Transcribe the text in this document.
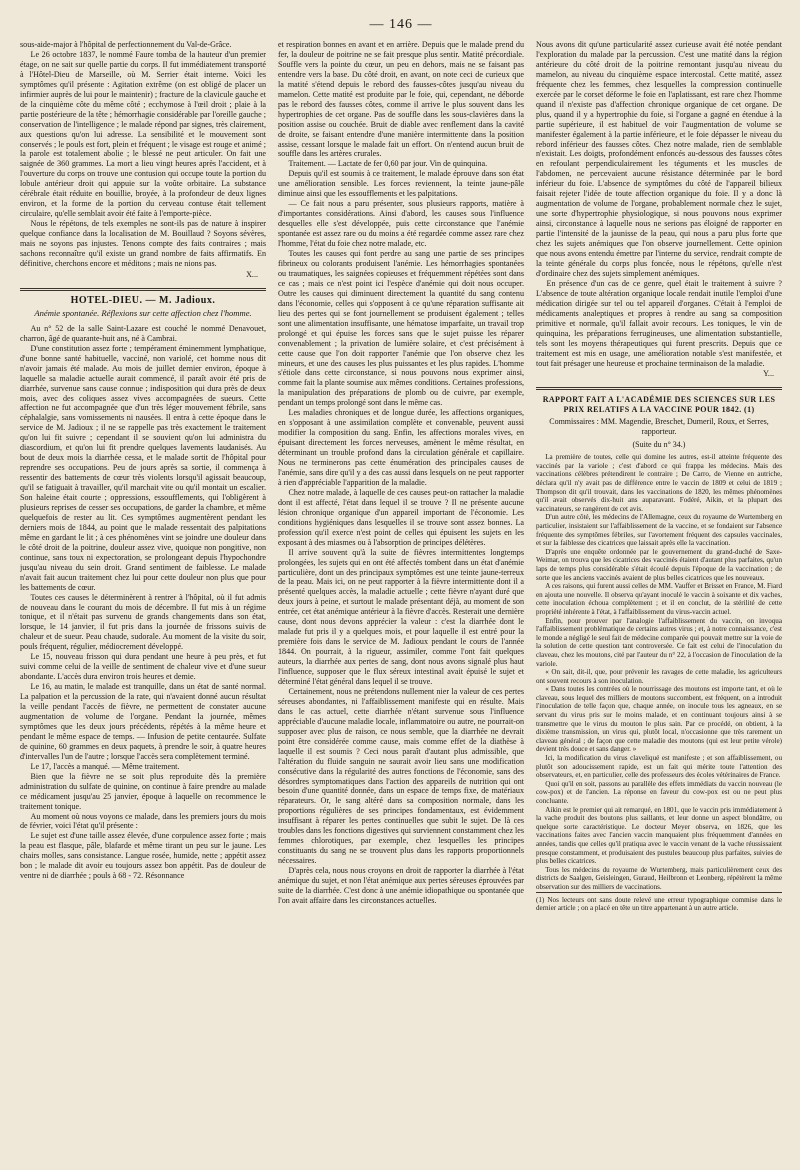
— 146 —

sous-aide-major à l'hôpital de perfectionnement du Val-de-Grâce.

Le 26 octobre 1837, le nommé Faure tomba de la hauteur d'un premier étage, on ne sait sur quelle partie du corps. Il fut immédiatement transporté à l'Hôtel-Dieu de Marseille, où M. Serrier était interne. Voici les symptômes qu'il présente : Agitation extrême (on est obligé de placer un infirmier auprès de lui pour le maintenir) ; fracture de la clavicule gauche et de la cinquième côte du même côté ; ecchymose à l'œil droit ; plaie à la partie postérieure de la tête ; hémorrhagie considérable par l'oreille gauche ; conservation de l'intelligence ; le malade répond par signes, très clairement, aux questions qu'on lui adresse. La sensibilité et le mouvement sont conservés ; le pouls est fort, plein et fréquent ; le visage est rouge et animé ; la parole est totalement abolie ; le blessé ne peut articuler. On fait une saignée de 360 grammes. La mort a lieu vingt heures après l'accident, et à l'ouverture du corps on trouve une contusion qui occupe toute la portion du lobule antérieur droit qui appuie sur la voûte orbitaire. La substance cérébrale était réduite en bouillie, broyée, à la profondeur de deux lignes environ, et la forme de la portion du cerveau contuse était tellement circulaire, qu'elle semblait avoir été faite à l'emporte-pièce.

Nous le répétons, de tels exemples ne sont-ils pas de nature à inspirer quelque confiance dans la localisation de M. Bouillaud ? Soyons sévères, mais ne soyons pas injustes. Tenons compte des faits contraires ; mais sachons reconnaître qu'il existe un grand nombre de faits affirmatifs. En définitive, cherchons encore et méditons ; mais ne nions pas.

X...
HOTEL-DIEU. — M. Jadioux.
Anémie spontanée. Réflexions sur cette affection chez l'homme.

Au n° 52 de la salle Saint-Lazare est couché le nommé Denavouet, charron, âgé de quarante-huit ans, né à Cambrai.

D'une constitution assez forte ; tempérament éminemment lymphatique, d'une bonne santé habituelle, vacciné, non variolé, cet homme nous dit n'avoir jamais été malade. Au mois de juillet dernier environ, époque à laquelle sa maladie actuelle aurait commencé, il paraît avoir été pris de diarrhée, survenue sans cause connue ; indisposition qui dura près de deux mois, avec des coliques assez vives accompagnées de sueurs. Cette affection ne fut accompagnée que d'un très léger mouvement fébrile, sans céphalalgie, sans vomissements ni nausées. Il entra à cette époque dans le service de M. Jadioux ; il ne se rappelle pas très exactement le traitement qu'on lui fit suivre ; cependant il se souvient qu'on lui administra du diascordium, et qu'on lui fit prendre quelques lavements laudanisés. Au bout de deux mois la diarrhée cessa, et le malade sortit de l'hôpital pour reprendre ses occupations. Peu de jours après sa sortie, il commença à ressentir des battements de cœur très violents lorsqu'il agissait beaucoup, qu'il se fatiguait à travailler, qu'il marchait vite ou qu'il montait un escalier. Son haleine était courte ; oppressions, essoufflements, qui l'obligèrent à plusieurs reprises de cesser ses occupations, de garder la chambre, et même quelquefois de rester au lit. Ces symptômes augmentèrent pendant les derniers mois de 1844, au point que le malade ressentait des palpitations même en gardant le lit ; à ces phénomènes vint se joindre une douleur dans le côté droit de la poitrine, douleur assez vive, quoique non pongitive, non continue, sans toux ni expectoration, se prolongeant depuis l'hypochondre jusqu'au niveau du sein droit. Grand sentiment de faiblesse. Le malade n'avait fait aucun traitement chez lui pour cette douleur non plus que pour les battements de cœur.

Toutes ces causes le déterminèrent à rentrer à l'hôpital, où il fut admis de nouveau dans le courant du mois de décembre. Il fut mis à un régime tonique, et il n'était pas survenu de grands changements dans son état, lorsque, le 14 janvier, il fut pris dans la journée de frissons suivis de chaleur et de sueur. Peau chaude, sudorale. Au moment de la visite du soir, pouls fréquent, régulier, médiocrement développé.

Le 15, nouveau frisson qui dura pendant une heure à peu près, et fut suivi comme celui de la veille de sentiment de chaleur vive et d'une sueur abondante. L'accès dura environ trois heures et demie.

Le 16, au matin, le malade est tranquille, dans un état de santé normal. La palpation et la percussion de la rate, qui n'avaient donné aucun résultat la veille pendant l'accès de fièvre, ne permettent de constater aucune augmentation de volume de l'organe. Pendant la journée, mêmes symptômes que les deux jours précédents, répétés à la même heure et pendant le même espace de temps. — Infusion de petite centaurée. Sulfate de quinine, 60 grammes en deux paquets, à prendre le soir, à quatre heures d'intervalles l'un de l'autre ; lorsque l'accès sera complètement terminé.

Le 17, l'accès a manqué. — Même traitement.

Bien que la fièvre ne se soit plus reproduite dès la première administration du sulfate de quinine, on continue à faire prendre au malade ce médicament jusqu'au 25 janvier, époque à laquelle on recommence le traitement tonique.

Au moment où nous voyons ce malade, dans les premiers jours du mois de février, voici l'état qu'il présente :

Le sujet est d'une taille assez élevée, d'une corpulence assez forte ; mais la peau est flasque, pâle, blafarde et même tirant un peu sur le jaune. Les chairs molles, sans consistance. Langue rosée, humide, nette ; appétit assez bon ; le malade dit avoir eu toujours assez bon appétit. Pas de douleur de ventre ni de diarrhée ; pouls à 68 - 72. Résonnance

et respiration bonnes en avant et en arrière. Depuis que le malade prend du fer, la douleur de poitrine ne se fait presque plus sentir. Matité précordiale. Souffle vers la pointe du cœur, un peu en dehors, mais ne se faisant pas entendre vers la base. Du côté droit, en avant, on note ceci de curieux que la matité s'étend depuis le rebord des fausses-côtes jusqu'au niveau du mamelon. Cette matité est produite par le foie, qui, cependant, ne déborde pas le rebord des fausses côtes, comme il arrive le plus souvent dans les hypertrophies de cet organe. Pas de souffle dans les sous-clavières dans la position assise ou couchée. Bruit de diable avec renflement dans la cavité de droite, se faisant entendre d'une manière intermittente dans la position assise, cessant lorsque le malade fait un effort. On n'entend aucun bruit de souffle dans les artères crurales.

Traitement. — Lactate de fer 0,60 par jour. Vin de quinquina.

Depuis qu'il est soumis à ce traitement, le malade éprouve dans son état une amélioration sensible. Les forces reviennent, la teinte jaune-pâle diminue ainsi que les essoufflements et les palpitations.

— Ce fait nous a paru présenter, sous plusieurs rapports, matière à d'importantes considérations. Ainsi d'abord, les causes sous l'influence desquelles elle s'est développée, puis cette circonstance que l'anémie spontanée est assez rare ou du moins a été regardée comme assez rare chez l'homme, l'état du foie chez notre malade, etc.

Toutes les causes qui font perdre au sang une partie de ses principes fibrineux ou colorants produisent l'anémie. Les hémorrhagies spontanées ou traumatiques, les saignées copieuses et fréquemment répétées sont dans ce cas ; mais ce n'est point ici l'espèce d'anémie qui doit nous occuper. Outre les causes qui diminuent directement la quantité du sang contenu dans l'économie, celles qui s'opposent à ce qu'une réparation suffisante ait lieu des pertes qui se font journellement se produisent également ; telles sont une alimentation insuffisante, une hématose imparfaite, un travail trop prolongé et qui épuise les forces sans que le sujet puisse les réparer convenablement ; la privation de lumière solaire, et c'est précisément à cette cause que l'on doit rapporter l'anémie que l'on observe chez les mineurs, et une des causes les plus puissantes et les plus rapides. L'homme s'étiole dans cette circonstance, si nous pouvons nous exprimer ainsi, comme fait la plante soumise aux mêmes conditions. Certaines professions, la manipulation des préparations de plomb ou de cuivre, par exemple, pendant un temps prolongé sont dans le même cas.

Les maladies chroniques et de longue durée, les affections organiques, en s'opposant à une assimilation complète et convenable, peuvent aussi modifier la composition du sang. Enfin, les affections morales vives, en épuisant directement les forces nerveuses, amènent le même résultat, en déterminant un trouble profond dans la circulation générale et capillaire. Nous ne terminerons pas cette énumération des principales causes de l'anémie, sans dire qu'il y a des cas aussi dans lesquels on ne peut rapporter à rien d'appréciable l'apparition de la maladie.

Chez notre malade, à laquelle de ces causes peut-on rattacher la maladie dont il est affecté, l'état dans lequel il se trouve ? Il ne présente aucune lésion chronique organique d'un appareil important de l'économie. Les conditions hygiéniques dans lesquelles il se trouve sont assez bonnes. La profession qu'il exerce n'est point de celles qui épuisent les sujets en les exposant à des miasmes ou à l'absorption de principes délétères.

Il arrive souvent qu'à la suite de fièvres intermittentes longtemps prolongées, les sujets qui en ont été affectés tombent dans un état d'anémie particulière, dont un des principaux symptômes est une teinte jaune-terreux de la peau. Mais ici, on ne peut rapporter à la fièvre intermittente dont il a présenté quelques accès, la maladie actuelle ; cette fièvre n'ayant duré que deux jours à peine, et surtout le malade présentant déjà, au moment de son entrée, cet état anémique antérieur à la fièvre d'accès. Resterait une dernière cause, dont nous devons apprécier la valeur : c'est la diarrhée dont le malade fut pris il y a quelques mois, et pour laquelle il est entré pour la première fois dans le service de M. Jadioux pendant le cours de l'année 1844. On pourrait, à la rigueur, assimiler, comme l'ont fait quelques auteurs, la diarrhée aux pertes de sang, dont nous avons signalé plus haut l'influence, supposer que le flux séreux intestinal avait épuisé le sujet et déterminé l'état général dans lequel il se trouve.

Certainement, nous ne prétendons nullement nier la valeur de ces pertes séreuses abondantes, ni l'affaiblissement manifeste qui en résulte. Mais dans le cas actuel, cette diarrhée n'étant survenue sous l'influence appréciable d'aucune maladie locale, inflammatoire ou autre, ne pourrait-on supposer avec plus de raison, ce nous semble, que la diarrhée ne devrait point être considérée comme cause, mais comme effet de la diathèse à laquelle il est soumis ? Ceci nous paraît d'autant plus admissible, que l'altération du fluide sanguin ne saurait avoir lieu sans une modification consécutive dans la régularité des autres fonctions de l'économie, sans des désordres symptomatiques dans l'action des appareils de nutrition qui ont besoin d'une quantité donnée, dans un espace de temps fixe, de matériaux réparateurs. Or, le sang altéré dans sa composition normale, dans les proportions régulières de ses principes fondamentaux, est évidemment insuffisant à réparer les pertes continuelles que subit le sujet. De là ces troubles dans les fonctions digestives qui surviennent constamment chez les femmes chlorotiques, par exemple, chez lesquelles les principes constituants du sang ne se trouvent plus dans les rapports proportionnels nécessaires.

D'après cela, nous nous croyons en droit de rapporter la diarrhée à l'état anémique du sujet, et non l'état anémique aux pertes séreuses éprouvées par suite de la diarrhée. C'est donc à une anémie idiopathique ou spontanée que l'on avait affaire dans les circonstances actuelles.

Nous avons dit qu'une particularité assez curieuse avait été notée pendant l'exploration du malade par la percussion. C'est une matité dans la région antérieure du côté droit de la poitrine remontant jusqu'au niveau du mamelon, au niveau du cinquième espace intercostal. Cette matité, assez fréquente chez les femmes, chez lesquelles la compression continuelle exercée par le corset déforme le foie en l'aplatissant, est rare chez l'homme quand il n'existe pas d'affection chronique organique de cet organe. De plus, quand il y a hypertrophie du foie, si l'organe a gagné en étendue à la partie supérieure, il est habituel de voir l'augmentation de volume se manifester également à la partie inférieure, et le foie dépasser le niveau du rebord inférieur des fausses côtes. Chez notre malade, rien de semblable n'existait. Les doigts, profondément enfoncés au-dessous des fausses côtes en refoulant perpendiculairement les téguments et les muscles de l'abdomen, ne percevaient aucune résistance déterminée par le bord inférieur du foie. L'absence de symptômes du côté de l'appareil bilieux faisait rejeter l'idée de toute affection organique du foie. Il y a donc là augmentation de volume de l'organe, probablement normale chez le sujet, une sorte d'hypertrophie physiologique, si nous pouvons nous exprimer ainsi, circonstance à laquelle nous ne serions pas éloigné de rapporter en partie l'intensité de la jaunisse de la peau, qui nous a paru plus forte que chez les sujets anémiques que l'on observe journellement. Cette opinion que nous avons entendu émettre par l'interne du service, rendrait compte de la teinte générale du corps plus foncée, nous le répétons, qu'elle n'est d'ordinaire chez des sujets simplement anémiques.

En présence d'un cas de ce genre, quel était le traitement à suivre ? L'absence de toute altération organique locale rendait inutile l'emploi d'une médication dirigée sur tel ou tel appareil d'organes. C'était à l'emploi de médicaments analeptiques et propres à rendre au sang sa composition primitive et normale, qu'il fallait avoir recours. Les toniques, le vin de quinquina, les préparations ferrugineuses, une alimentation substantielle, tels sont les moyens thérapeutiques qui furent prescrits. Depuis que ce traitement est mis en usage, une amélioration notable s'est manifestée, et tout fait présager une heureuse et prochaine terminaison de la maladie.

Y...
RAPPORT FAIT A L'ACADÉMIE DES SCIENCES SUR LES PRIX RELATIFS A LA VACCINE POUR 1842. (1)
Commissaires : MM. Magendie, Breschet, Dumeril, Roux, et Serres, rapporteur.
(Suite du n° 34.)

La première de toutes, celle qui domine les autres, est-il atteinte fréquente des vaccinés par la variole ; c'est d'abord ce qui frappa les médecins. Mais des vaccinations célèbres prétendirent le contraire ; De Carro, de Vienne en autriche, déclara qu'il n'y avait pas de différence entre le vaccin de 1809 et celui de 1819 ; Thompson dit qu'il trouvait, dans les vaccinations de 1820, les mêmes phénomènes qu'il avait observés dix-huit ans auparavant. Fodéré, Aikin, et la plupart des vaccinateurs, se rangèrent de cet avis.

D'un autre côté, les médecins de l'Allemagne, ceux du royaume de Wurtemberg en particulier, insistaient sur l'affaiblissement de la vaccine, et se fondaient sur l'absence fréquente des symptômes fébriles, sur l'avortement fréquent des capsules vaccinales, et sur la faiblesse des cicatrices que laissait après elle la vaccination.

D'après une enquête ordonnée par le gouvernement du grand-duché de Saxe-Weimar, on trouva que les cicatrices des vaccinés étaient d'autant plus parfaites, qu'un laps de temps plus considérable s'était écoulé depuis l'époque de la vaccination ; de sorte que les anciens vaccinés avaient de plus belles cicatrices que les nouveaux.

A ces raisons, qui furent aussi celles de MM. Vauffer et Brisset en France, M. Fiard en ajouta une nouvelle. Il observa qu'ayant inoculé le vaccin à soixante et dix vaches, cette inoculation échoua complètement ; et il en conclut, de la stérilité de cette propriété inhérente à l'état, à l'affaiblissement du virus-vaccin actuel.

Enfin, pour prouver par l'analogie l'affaiblissement du vaccin, on invoqua l'affaiblissement problématique de certains autres virus ; et, à notre connaissance, c'est le monde a négligé le seul fait de médecine comparée qui pouvait mettre sur la voie de la solution de cette question tant controversée. Ce fait est celui de l'inoculation du claveau, chez les moutons, cité par l'auteur du n° 22, à l'occasion de l'inoculation de la variole.

« On sait, dit-il, que, pour prévenir les ravages de cette maladie, les agriculteurs ont souvent recours à son inoculation.

« Dans toutes les contrées où le nourrissage des moutons est importe tant, et où le claveau, sous lequel des milliers de moutons succombent, est fréquent, on a introduit l'inoculation de telle façon que, chaque année, on inocule tous les agneaux, en se servant du virus pris sur le moins malade, et en continuant toujours ainsi à se transmettre que le virus du mouton le plus sain. Par ce procédé, on obtient, à la dixième transmission, un virus qui, plutôt local, n'occasionne que très rarement un claveau général ; de façon que cette maladie des moutons (qui est leur petite vérole) devient très douce et sans danger. »

Ici, la modification du virus claveliqué est manifeste ; et son affaiblissement, ou plutôt son adoucissement rapide, est un fait qui mérite toute l'attention des observateurs, et, en particulier, celle des professeurs des écoles vétérinaires de France.

Quoi qu'il en soit, passons au parallèle des effets immédiats du vaccin nouveau (le cow-pox) et de l'ancien. La réponse en faveur du cow-pox est ou ne peut plus concluante.

Aikin est le premier qui ait remarqué, en 1801, que le vaccin pris immédiatement à la vache produit des boutons plus saillants, et leur donne un aspect blondâtre, ou quelque sorte caractéristique. Le docteur Meyer observa, en 1826, que les vaccinations faites avec l'ancien vaccin manquaient plus fréquemment d'années en années, tandis que celles qu'il pratiqua avec le vaccin venant de la vache réussissaient presque constamment, et produisaient des pustules beaucoup plus parfaites, suivies de plus belles cicatrices.

Tous les médecins du royaume de Wurtemberg, mais particulièrement ceux des districts de Saalgen, Geisleingen, Guraud, Heilbronn et Leonberg, répétèrent la même observation sur des milliers de vaccinations.

(1) Nos lecteurs ont sans doute relevé une erreur typographique commise dans le dernier article ; on a placé en tête un titre appartenant à un autre article.
